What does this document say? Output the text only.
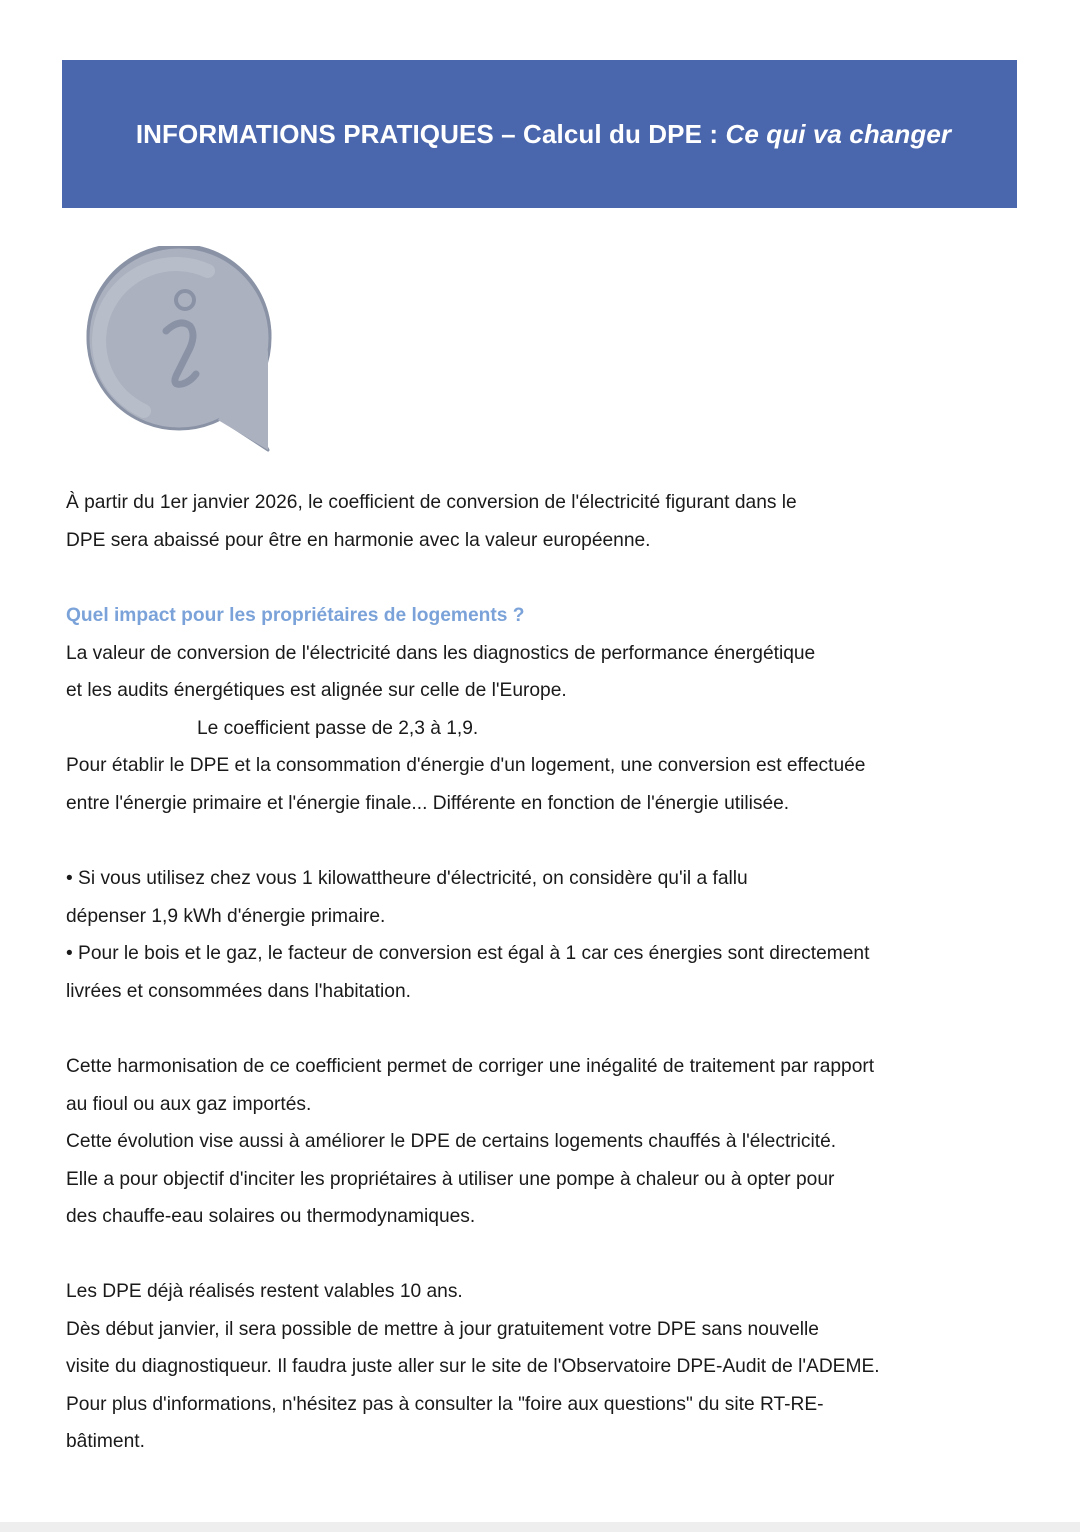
INFORMATIONS PRATIQUES – Calcul du DPE : Ce qui va changer
À partir du 1er janvier 2026, le coefficient de conversion de l'électricité figurant dans le
DPE sera abaissé pour être en harmonie avec la valeur européenne.
Quel impact pour les propriétaires de logements ?
La valeur de conversion de l'électricité dans les diagnostics de performance énergétique
et les audits énergétiques est alignée sur celle de l'Europe.
Le coefficient passe de 2,3 à 1,9.
Pour établir le DPE et la consommation d'énergie d'un logement, une conversion est effectuée
entre l'énergie primaire et l'énergie finale... Différente en fonction de l'énergie utilisée.
• Si vous utilisez chez vous 1 kilowattheure d'électricité, on considère qu'il a fallu
dépenser 1,9 kWh d'énergie primaire.
• Pour le bois et le gaz, le facteur de conversion est égal à 1 car ces énergies sont directement
livrées et consommées dans l'habitation.
Cette harmonisation de ce coefficient permet de corriger une inégalité de traitement par rapport
au fioul ou aux gaz importés.
Cette évolution vise aussi à améliorer le DPE de certains logements chauffés à l'électricité.
Elle a pour objectif d'inciter les propriétaires à utiliser une pompe à chaleur ou à opter pour
des chauffe-eau solaires ou thermodynamiques.
Les DPE déjà réalisés restent valables 10 ans.
Dès début janvier, il sera possible de mettre à jour gratuitement votre DPE sans nouvelle
visite du diagnostiqueur. Il faudra juste aller sur le site de l'Observatoire DPE-Audit de l'ADEME.
Pour plus d'informations, n'hésitez pas à consulter la "foire aux questions" du site RT-RE-
bâtiment.
